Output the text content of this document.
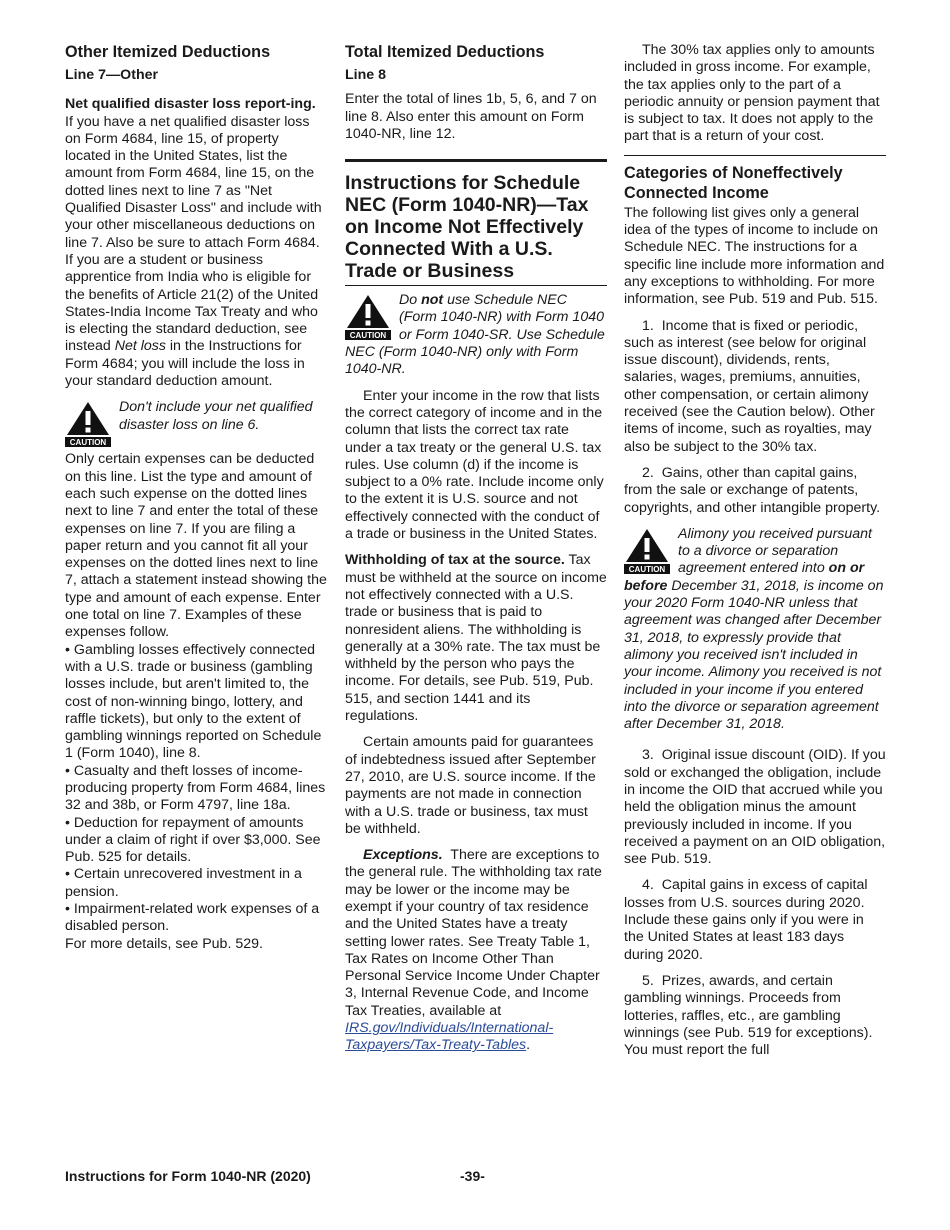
Other Itemized Deductions
Line 7—Other

Net qualified disaster loss report-ing.  If you have a net qualified disaster loss on Form 4684, line 15, of property located in the United States, list the amount from Form 4684, line 15, on the dotted lines next to line 7 as "Net Qualified Disaster Loss" and include with your other miscellaneous deductions on line 7. Also be sure to attach Form 4684. If you are a student or business apprentice from India who is eligible for the benefits of Article 21(2) of the United States-India Income Tax Treaty and who is electing the standard deduction, see instead Net loss in the Instructions for Form 4684; you will include the loss in your standard deduction amount.

CAUTION

Don't include your net qualified disaster loss on line 6.

Only certain expenses can be deducted on this line. List the type and amount of each such expense on the dotted lines next to line 7 and enter the total of these expenses on line 7. If you are filing a paper return and you cannot fit all your expenses on the dotted lines next to line 7, attach a statement instead showing the type and amount of each expense. Enter one total on line 7. Examples of these expenses follow.

• Gambling losses effectively connected with a U.S. trade or business (gambling losses include, but aren't limited to, the cost of non-winning bingo, lottery, and raffle tickets), but only to the extent of gambling winnings reported on Schedule 1 (Form 1040), line 8.

• Casualty and theft losses of income-producing property from Form 4684, lines 32 and 38b, or Form 4797, line 18a.

• Deduction for repayment of amounts under a claim of right if over $3,000. See Pub. 525 for details.

• Certain unrecovered investment in a pension.

• Impairment-related work expenses of a disabled person.

For more details, see Pub. 529.

Total Itemized Deductions
Line 8

Enter the total of lines 1b, 5, 6, and 7 on line 8. Also enter this amount on Form 1040-NR, line 12.

Instructions for Schedule NEC (Form 1040-NR)—Tax on Income Not Effectively Connected With a U.S. Trade or Business
CAUTION

Do not use Schedule NEC (Form 1040-NR) with Form 1040 or Form 1040-SR. Use Schedule NEC (Form 1040-NR) only with Form 1040-NR.

Enter your income in the row that lists the correct category of income and in the column that lists the correct tax rate under a tax treaty or the general U.S. tax rules. Use column (d) if the income is subject to a 0% rate. Include income only to the extent it is U.S. source and not effectively connected with the conduct of a trade or business in the United States.

Withholding of tax at the source. Tax must be withheld at the source on income not effectively connected with a U.S. trade or business that is paid to nonresident aliens. The withholding is generally at a 30% rate. The tax must be withheld by the person who pays the income. For details, see Pub. 519, Pub. 515, and section 1441 and its regulations.

Certain amounts paid for guarantees of indebtedness issued after September 27, 2010, are U.S. source income. If the payments are not made in connection with a U.S. trade or business, tax must be withheld.

Exceptions. There are exceptions to the general rule. The withholding tax rate may be lower or the income may be exempt if your country of tax residence and the United States have a treaty setting lower rates. See Treaty Table 1, Tax Rates on Income Other Than Personal Service Income Under Chapter 3, Internal Revenue Code, and Income Tax Treaties, available at IRS.gov/Individuals/International-Taxpayers/Tax-Treaty-Tables.

The 30% tax applies only to amounts included in gross income. For example, the tax applies only to the part of a periodic annuity or pension payment that is subject to tax. It does not apply to the part that is a return of your cost.

Categories of Noneffectively Connected Income

The following list gives only a general idea of the types of income to include on Schedule NEC. The instructions for a specific line include more information and any exceptions to withholding. For more information, see Pub. 519 and Pub. 515.

1.  Income that is fixed or periodic, such as interest (see below for original issue discount), dividends, rents, salaries, wages, premiums, annuities, other compensation, or certain alimony received (see the Caution below). Other items of income, such as royalties, may also be subject to the 30% tax.

2.  Gains, other than capital gains, from the sale or exchange of patents, copyrights, and other intangible property.

CAUTION

Alimony you received pursuant to a divorce or separation agreement entered into on or before December 31, 2018, is income on your 2020 Form 1040-NR unless that agreement was changed after December 31, 2018, to expressly provide that alimony you received isn't included in your income. Alimony you received is not included in your income if you entered into the divorce or separation agreement after December 31, 2018.

3.  Original issue discount (OID). If you sold or exchanged the obligation, include in income the OID that accrued while you held the obligation minus the amount previously included in income. If you received a payment on an OID obligation, see Pub. 519.

4.  Capital gains in excess of capital losses from U.S. sources during 2020. Include these gains only if you were in the United States at least 183 days during 2020.

5.  Prizes, awards, and certain gambling winnings. Proceeds from lotteries, raffles, etc., are gambling winnings (see Pub. 519 for exceptions). You must report the full

Instructions for Form 1040-NR (2020)	-39-
